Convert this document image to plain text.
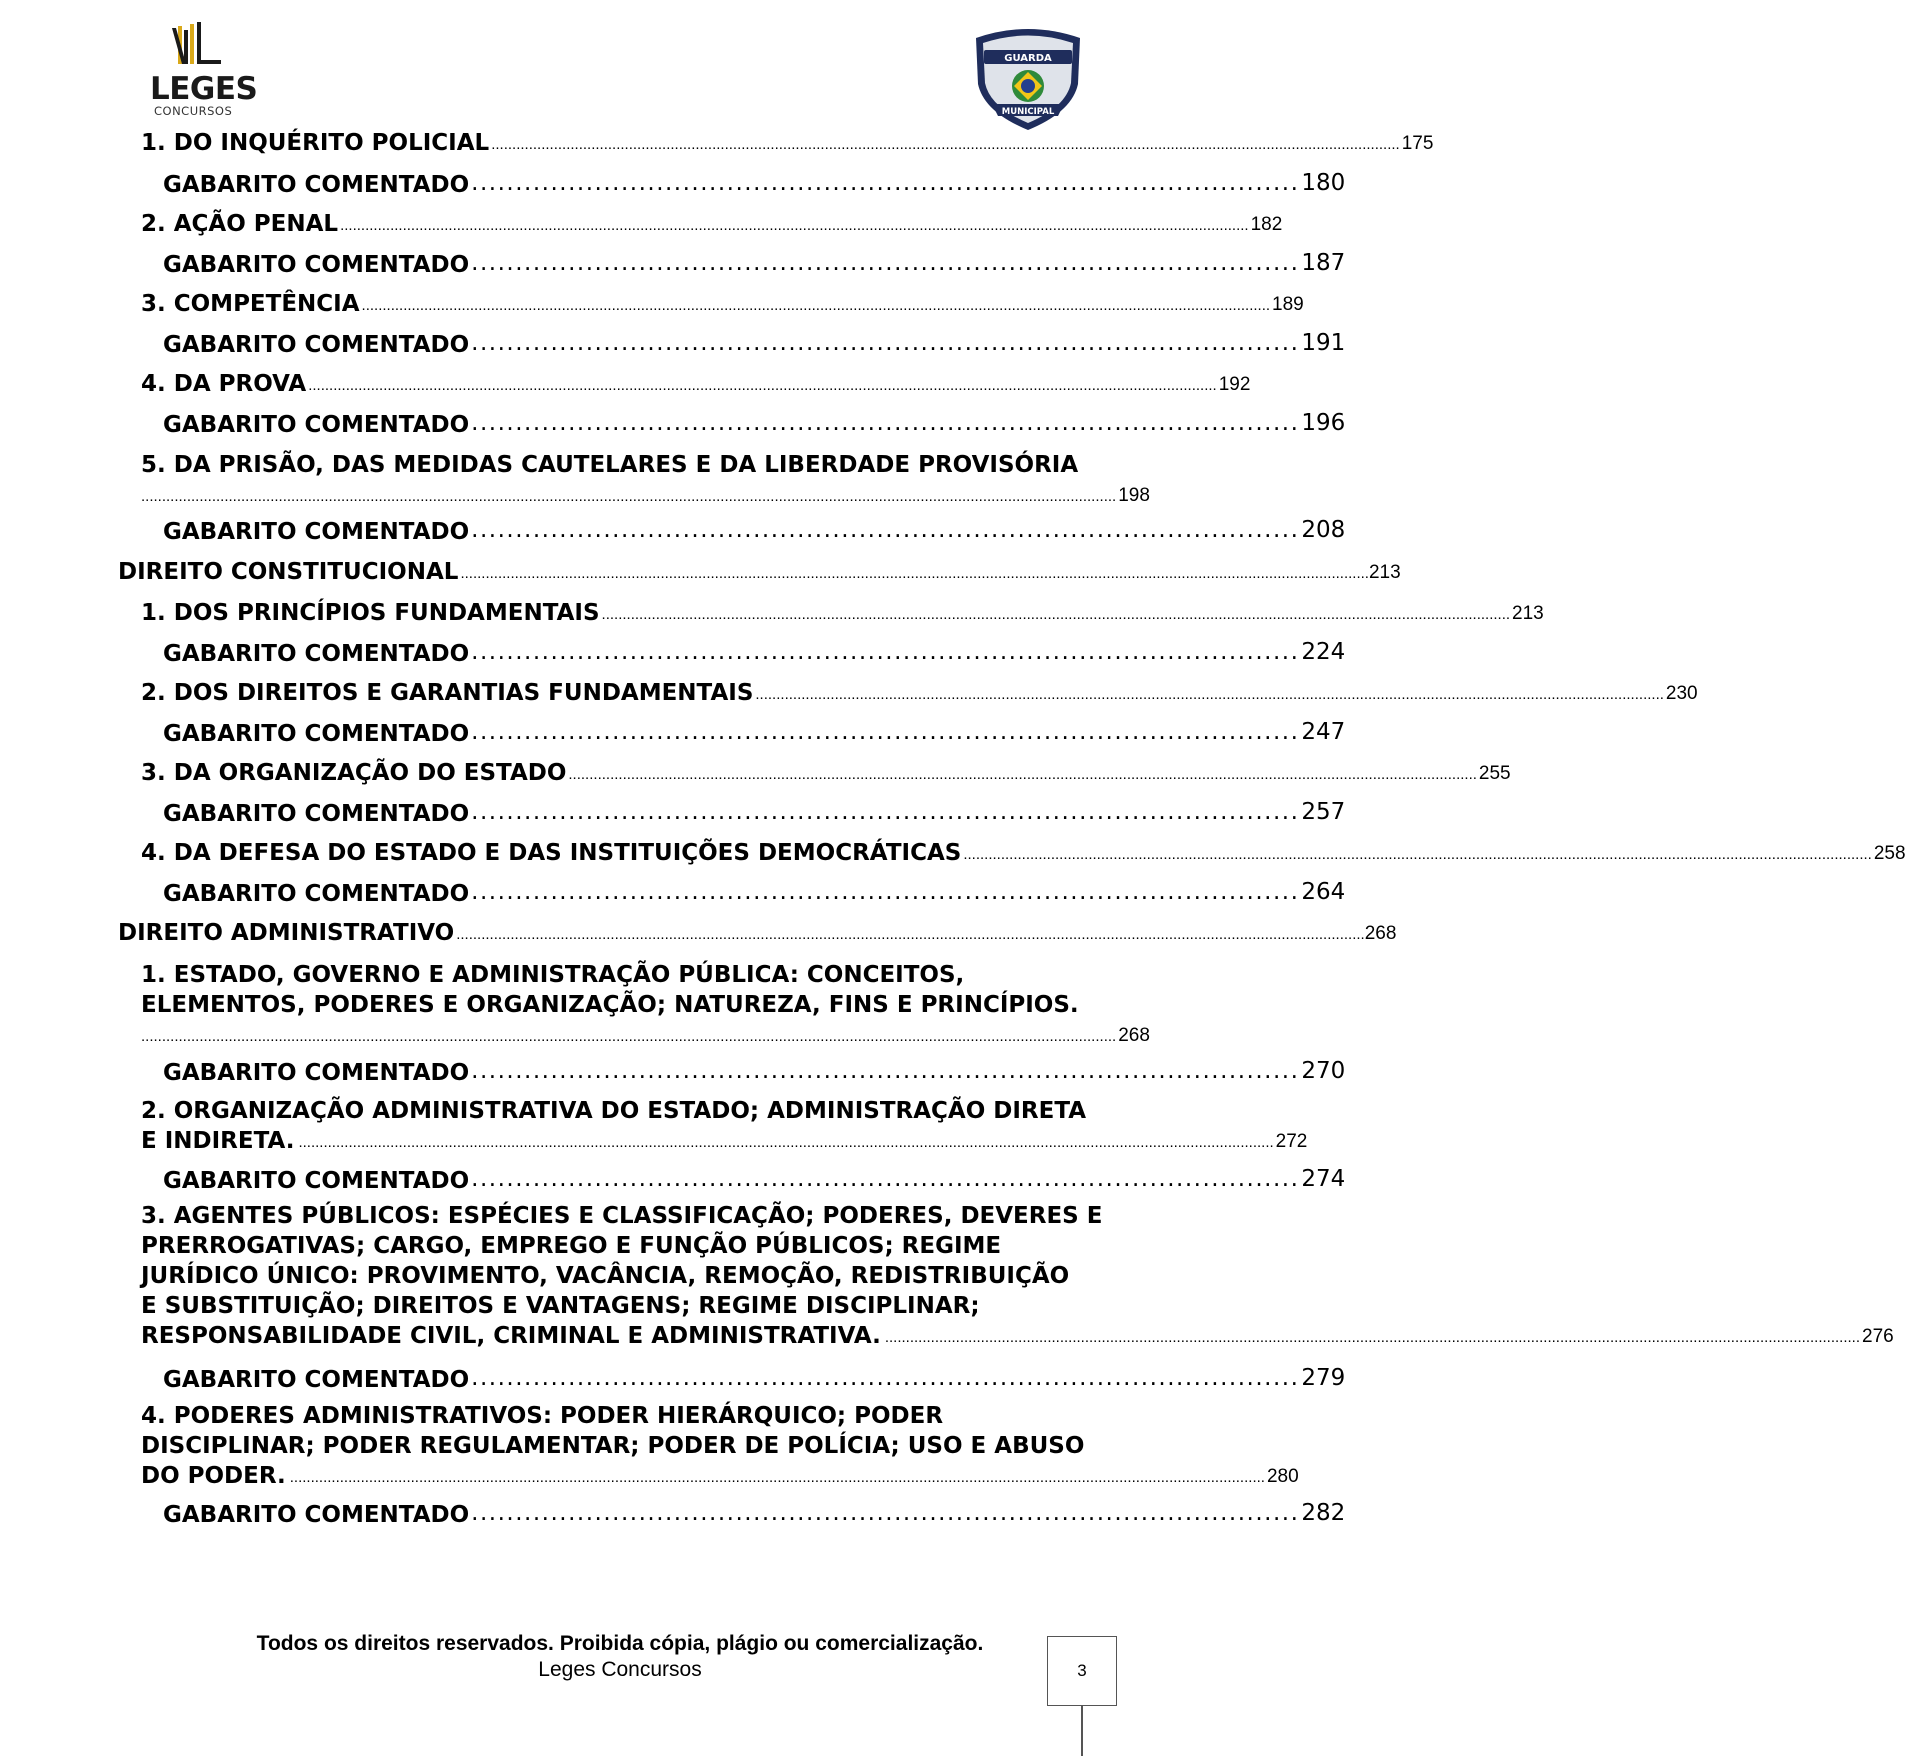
LEGES
CONCURSOS
GUARDA
MUNICIPAL
1. DO INQUÉRITO POLICIAL .......................................................................................................................................................................................................................... 175
GABARITO COMENTADO .............................................................................................. 180
2. AÇÃO PENAL .......................................................................................................................................................................................................................... 182
GABARITO COMENTADO .............................................................................................. 187
3. COMPETÊNCIA .......................................................................................................................................................................................................................... 189
GABARITO COMENTADO .............................................................................................. 191
4. DA PROVA .......................................................................................................................................................................................................................... 192
GABARITO COMENTADO .............................................................................................. 196
5. DA PRISÃO, DAS MEDIDAS CAUTELARES E DA LIBERDADE PROVISÓRIA
.......................................................................................................................................................................................................................................... 198
GABARITO COMENTADO .............................................................................................. 208
DIREITO CONSTITUCIONAL .......................................................................................................................................................................................................................... 213
1. DOS PRINCÍPIOS FUNDAMENTAIS .......................................................................................................................................................................................................................... 213
GABARITO COMENTADO .............................................................................................. 224
2. DOS DIREITOS E GARANTIAS FUNDAMENTAIS .......................................................................................................................................................................................................................... 230
GABARITO COMENTADO .............................................................................................. 247
3. DA ORGANIZAÇÃO DO ESTADO .......................................................................................................................................................................................................................... 255
GABARITO COMENTADO .............................................................................................. 257
4. DA DEFESA DO ESTADO E DAS INSTITUIÇÕES DEMOCRÁTICAS .......................................................................................................................................................................................................................... 258
GABARITO COMENTADO .............................................................................................. 264
DIREITO ADMINISTRATIVO .......................................................................................................................................................................................................................... 268
1. ESTADO, GOVERNO E ADMINISTRAÇÃO PÚBLICA: CONCEITOS,
ELEMENTOS, PODERES E ORGANIZAÇÃO; NATUREZA, FINS E PRINCÍPIOS.
.......................................................................................................................................................................................................................................... 268
GABARITO COMENTADO .............................................................................................. 270
2. ORGANIZAÇÃO ADMINISTRATIVA DO ESTADO; ADMINISTRAÇÃO DIRETA
E INDIRETA. .......................................................................................................................................................................................................................................... 272
GABARITO COMENTADO .............................................................................................. 274
3. AGENTES PÚBLICOS: ESPÉCIES E CLASSIFICAÇÃO; PODERES, DEVERES E
PRERROGATIVAS; CARGO, EMPREGO E FUNÇÃO PÚBLICOS; REGIME
JURÍDICO ÚNICO: PROVIMENTO, VACÂNCIA, REMOÇÃO, REDISTRIBUIÇÃO
E SUBSTITUIÇÃO; DIREITOS E VANTAGENS; REGIME DISCIPLINAR;
RESPONSABILIDADE CIVIL, CRIMINAL E ADMINISTRATIVA. .......................................................................................................................................................................................................................................... 276
GABARITO COMENTADO .............................................................................................. 279
4. PODERES ADMINISTRATIVOS: PODER HIERÁRQUICO; PODER
DISCIPLINAR; PODER REGULAMENTAR; PODER DE POLÍCIA; USO E ABUSO
DO PODER. .......................................................................................................................................................................................................................................... 280
GABARITO COMENTADO .............................................................................................. 282
Todos os direitos reservados. Proibida cópia, plágio ou comercialização.
Leges Concursos	3
